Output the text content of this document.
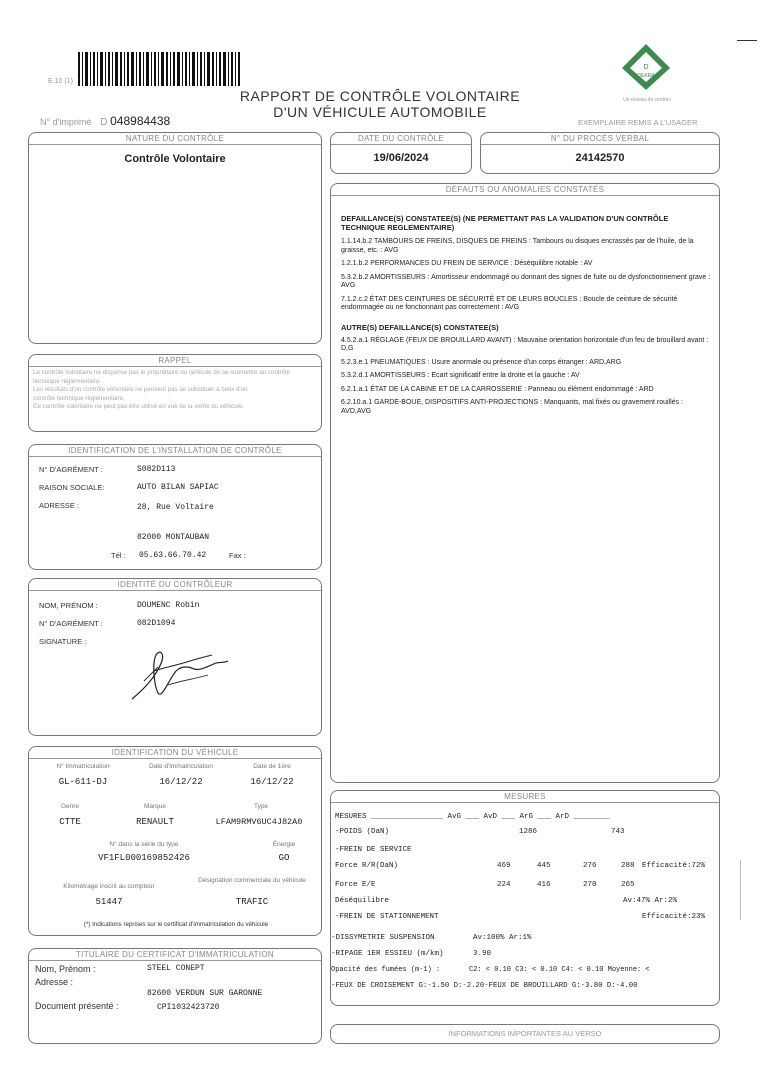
E.10 (1)
RAPPORT DE CONTRÔLE VOLONTAIRE
D'UN VÉHICULE AUTOMOBILE
N° d'imprimé D 048984438
D
DEKRA
Un réseau de centres
EXEMPLAIRE REMIS A L'USAGER
NATURE DU CONTRÔLE
Contrôle Volontaire
DATE DU CONTRÔLE
19/06/2024
N° DU PROCÈS VERBAL
24142570
DÉFAUTS OU ANOMALIES CONSTATÉS
DEFAILLANCE(S) CONSTATEE(S) (NE PERMETTANT PAS LA VALIDATION D'UN CONTRÔLE TECHNIQUE REGLEMENTAIRE)
1.1.14.b.2 TAMBOURS DE FREINS, DISQUES DE FREINS : Tambours ou disques encrassés par de l'huile, de la graisse, etc. : AVG
1.2.1.b.2 PERFORMANCES DU FREIN DE SERVICE : Déséquilibre notable : AV
5.3.2.b.2 AMORTISSEURS : Amortisseur endommagé ou donnant des signes de fuite ou de dysfonctionnement grave : AVG
7.1.2.c.2 ÉTAT DES CEINTURES DE SÉCURITÉ ET DE LEURS BOUCLES : Boucle de ceinture de sécurité endommagée ou ne fonctionnant pas correctement : AVG
AUTRE(S) DEFAILLANCE(S) CONSTATEE(S)
4.5.2.a.1 RÉGLAGE (FEUX DE BROUILLARD AVANT) : Mauvaise orientation horizontale d'un feu de brouillard avant : D,G
5.2.3.e.1 PNEUMATIQUES : Usure anormale ou présence d'un corps étranger : ARD,ARG
5.3.2.d.1 AMORTISSEURS : Ecart significatif entre la droite et la gauche : AV
6.2.1.a.1 ÉTAT DE LA CABINE ET DE LA CARROSSERIE : Panneau ou élément endommagé : ARD
6.2.10.a.1 GARDE-BOUE, DISPOSITIFS ANTI-PROJECTIONS : Manquants, mal fixés ou gravement rouillés : AVD,AVG
RAPPEL
Le contrôle volontaire ne dispense pas le propriétaire du véhicule de se soumettre au contrôle
technique réglementaire.
Les résultats d'un contrôle volontaire ne peuvent pas se substituer à ceux d'un
contrôle technique réglementaire.
Ce contrôle volontaire ne peut pas être utilisé en vue de la vente du véhicule.
IDENTIFICATION DE L'INSTALLATION DE CONTRÔLE
N° D'AGRÉMENT :	S082D113
RAISON SOCIALE:	AUTO BILAN SAPIAC
ADRESSE :	28, Rue Voltaire
82000 MONTAUBAN
Tél : 05.63.66.70.42	Fax :
IDENTITÉ DU CONTRÔLEUR
NOM, PRÉNOM :	DOUMENC Robin
N° D'AGRÉMENT :	082D1094
SIGNATURE :
IDENTIFICATION DU VÉHICULE
N° Immatriculation	Date d'immatriculation	Date de 1ère
GL-611-DJ	16/12/22	16/12/22
Genre	Marque	Type
CTTE	RENAULT	LFAM9RMV6UC4J82A0
N° dans la série du type	Énergie
VF1FL000169852426	GO
Kilométrage inscrit au compteur
Désignation commerciale du véhicule
51447	TRAFIC
(*) Indications reprises sur le certificat d'immatriculation du véhicule
TITULAIRE DU CERTIFICAT D'IMMATRICULATION
Nom, Prénom :	STEEL CONEPT
Adresse :
82600 VERDUN SUR GARONNE
Document présenté :	CPI1032423720
MESURES
MESURES ________________ AvG ___ AvD ___ ArG ___ ArD ________
-POIDS (DaN)	1286	743
-FREIN DE SERVICE
Force R/R(DaN)	469	445	276	288 Efficacité:72%
Force E/E	224	416	270	265
Déséquilibre	Av:47% Ar:2%
-FREIN DE STATIONNEMENT	Efficacité:23%
-DISSYMETRIE SUSPENSION	Av:100% Ar:1%
-RIPAGE 1ER ESSIEU (m/km)	3.90
Opacité des fumées (m-1) :	C2: < 0.10 C3: < 0.10 C4: < 0.10 Moyenne: <
-FEUX DE CROISEMENT G:-1.50 D:-2.20-FEUX DE BROUILLARD G:-3.80 D:-4.00
INFORMATIONS IMPORTANTES AU VERSO
